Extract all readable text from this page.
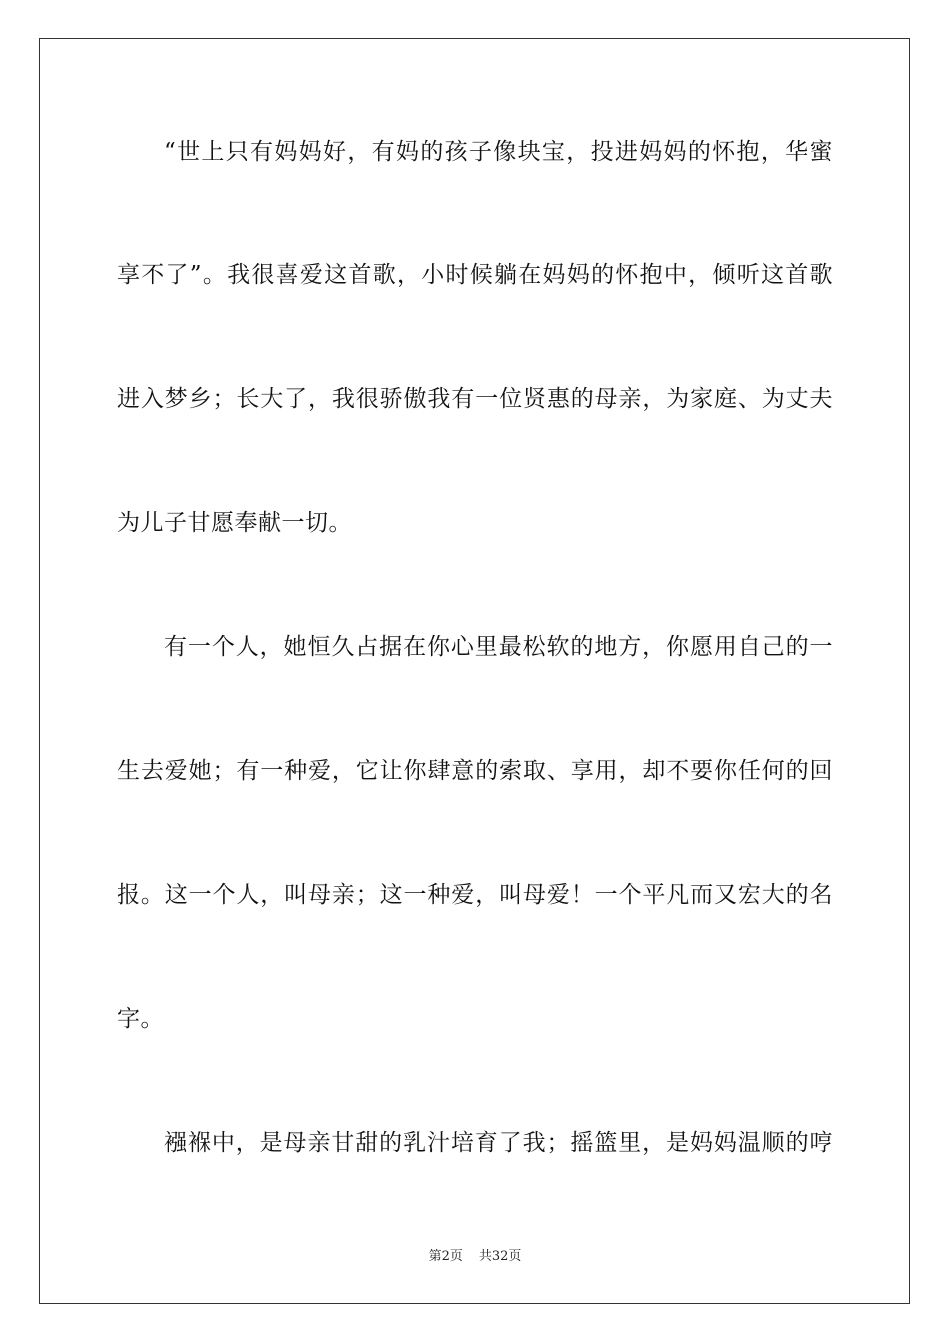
“世上只有妈妈好，有妈的孩子像块宝，投进妈妈的怀抱，华蜜
享不了”。我很喜爱这首歌，小时候躺在妈妈的怀抱中，倾听这首歌
进入梦乡；长大了，我很骄傲我有一位贤惠的母亲，为家庭、为丈夫
为儿子甘愿奉献一切。
有一个人，她恒久占据在你心里最松软的地方，你愿用自己的一
生去爱她；有一种爱，它让你肆意的索取、享用，却不要你任何的回
报。这一个人，叫母亲；这一种爱，叫母爱！一个平凡而又宏大的名
字。
襁褓中，是母亲甘甜的乳汁培育了我；摇篮里，是妈妈温顺的哼
第2页 共32页
